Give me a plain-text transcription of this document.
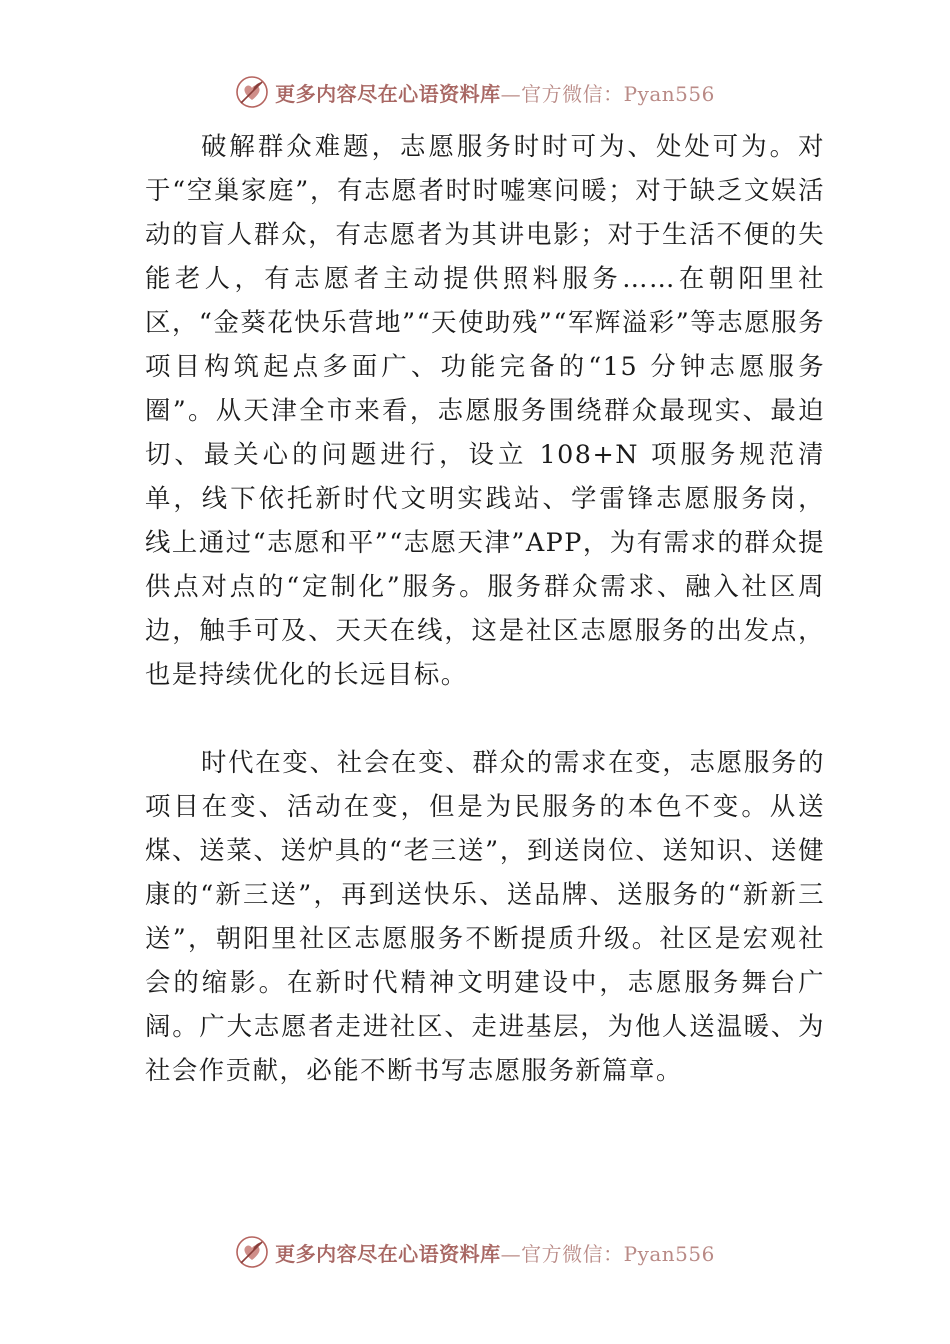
更多内容尽在心语资料库—官方微信：Pyan556

破解群众难题，志愿服务时时可为、处处可为。对于“空巢家庭”，有志愿者时时嘘寒问暖；对于缺乏文娱活动的盲人群众，有志愿者为其讲电影；对于生活不便的失能老人，有志愿者主动提供照料服务……在朝阳里社区，“金葵花快乐营地”“天使助残”“军辉溢彩”等志愿服务项目构筑起点多面广、功能完备的“15 分钟志愿服务圈”。从天津全市来看，志愿服务围绕群众最现实、最迫切、最关心的问题进行，设立 108+N 项服务规范清单，线下依托新时代文明实践站、学雷锋志愿服务岗， 线上通过“志愿和平”“志愿天津”APP，为有需求的群众提供点对点的“定制化”服务。服务群众需求、融入社区周边，触手可及、天天在线，这是社区志愿服务的出发点，也是持续优化的长远目标。

时代在变、社会在变、群众的需求在变，志愿服务的项目在变、活动在变，但是为民服务的本色不变。从送煤、送菜、送炉具的“老三送”，到送岗位、送知识、送健康的“新三送”，再到送快乐、送品牌、送服务的“新新三送”，朝阳里社区志愿服务不断提质升级。社区是宏观社会的缩影。在新时代精神文明建设中，志愿服务舞台广阔。广大志愿者走进社区、走进基层，为他人送温暖、为社会作贡献，必能不断书写志愿服务新篇章。

更多内容尽在心语资料库—官方微信：Pyan556
